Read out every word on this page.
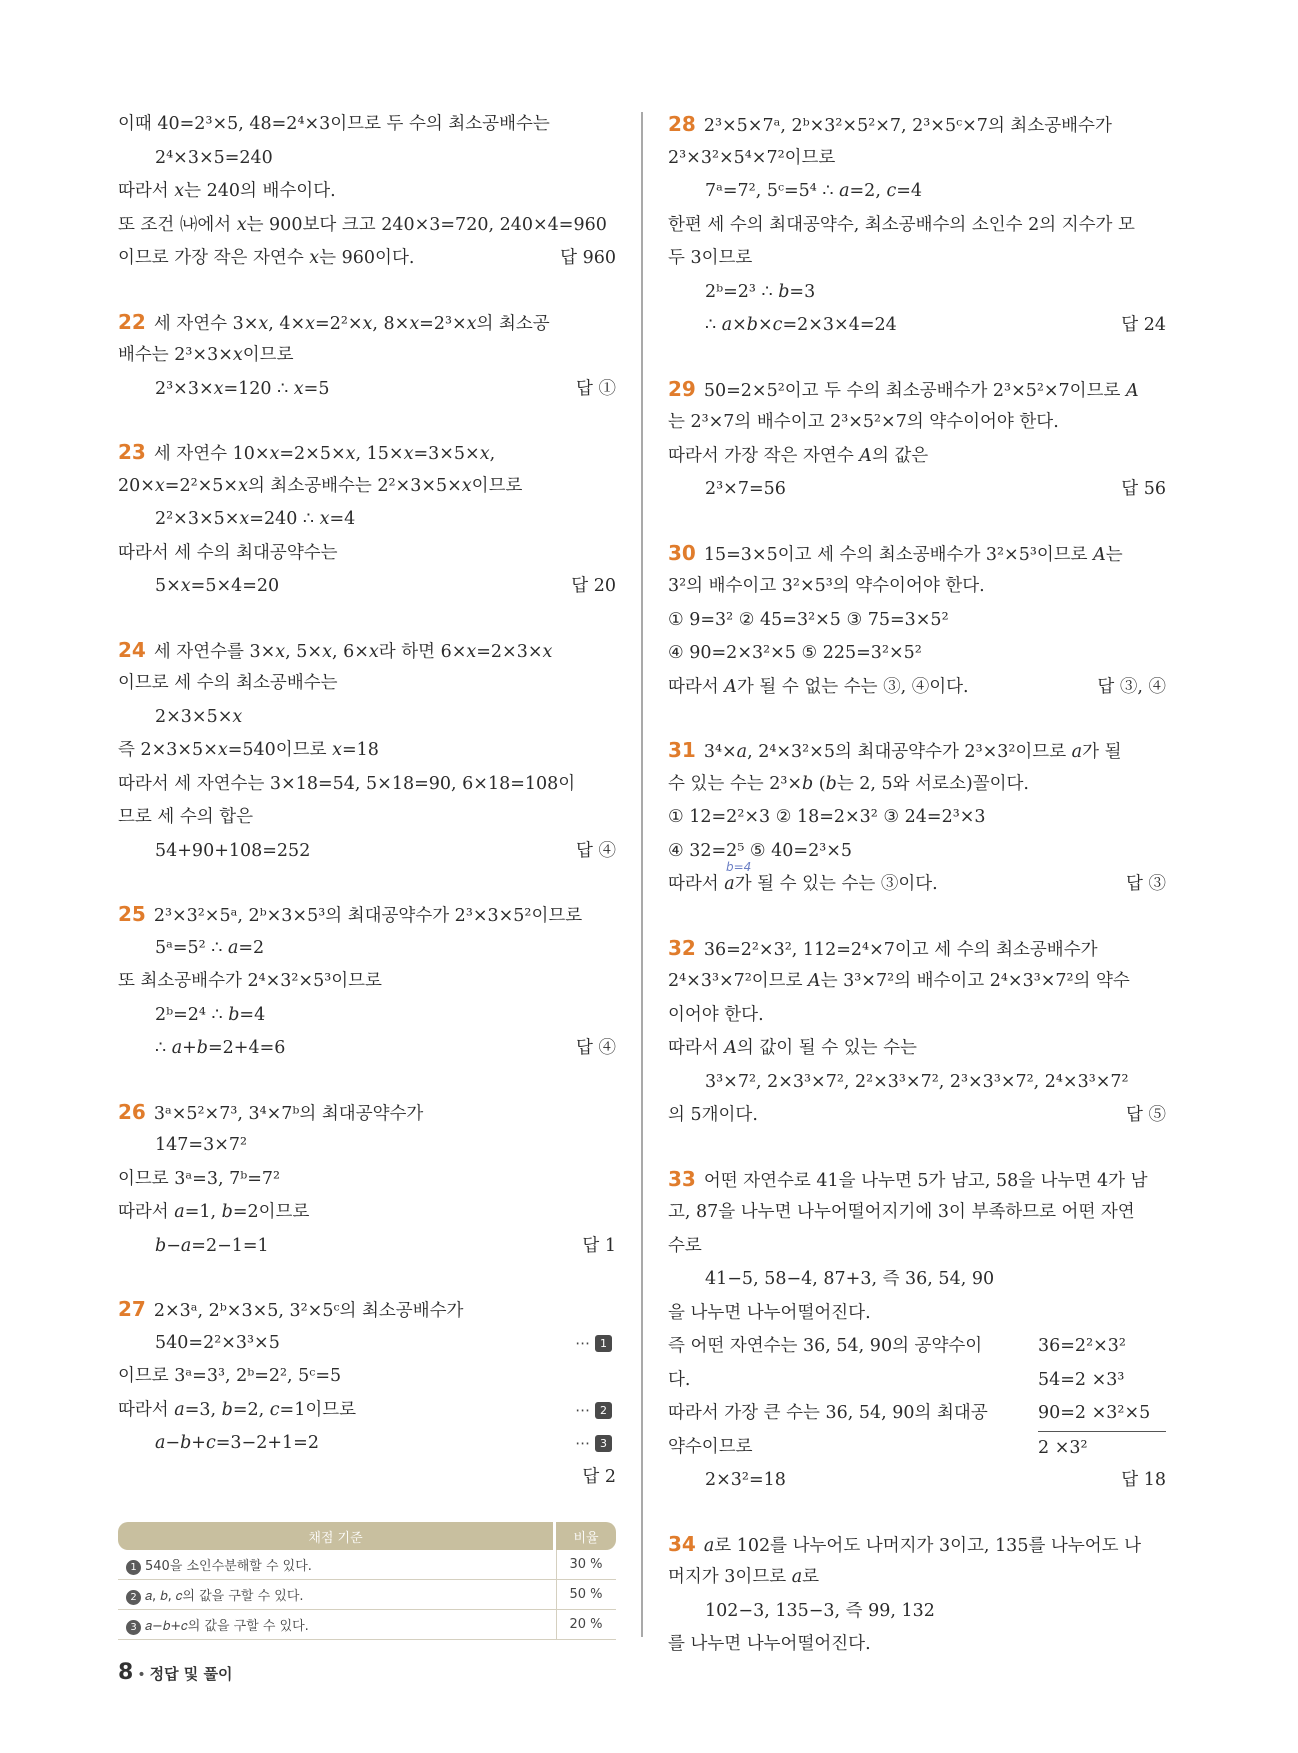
이때 40=2³×5, 48=2⁴×3이므로 두 수의 최소공배수는
2⁴×3×5=240
따라서 𝑥는 240의 배수이다.
또 조건 ㈏에서 𝑥는 900보다 크고 240×3=720, 240×4=960
이므로 가장 작은 자연수 𝑥는 960이다.	답 960
22 세 자연수 3×𝑥, 4×𝑥=2²×𝑥, 8×𝑥=2³×𝑥의 최소공
배수는 2³×3×𝑥이므로
2³×3×𝑥=120 ∴ 𝑥=5	답 ①
23 세 자연수 10×𝑥=2×5×𝑥, 15×𝑥=3×5×𝑥,
20×𝑥=2²×5×𝑥의 최소공배수는 2²×3×5×𝑥이므로
2²×3×5×𝑥=240 ∴ 𝑥=4
따라서 세 수의 최대공약수는
5×𝑥=5×4=20	답 20
24 세 자연수를 3×𝑥, 5×𝑥, 6×𝑥라 하면 6×𝑥=2×3×𝑥
이므로 세 수의 최소공배수는
2×3×5×𝑥
즉 2×3×5×𝑥=540이므로 𝑥=18
따라서 세 자연수는 3×18=54, 5×18=90, 6×18=108이
므로 세 수의 합은
54+90+108=252	답 ④
25 2³×3²×5ᵃ, 2ᵇ×3×5³의 최대공약수가 2³×3×5²이므로
5ᵃ=5² ∴ 𝑎=2
또 최소공배수가 2⁴×3²×5³이므로
2ᵇ=2⁴ ∴ 𝑏=4
∴ 𝑎+𝑏=2+4=6	답 ④
26 3ᵃ×5²×7³, 3⁴×7ᵇ의 최대공약수가
147=3×7²
이므로 3ᵃ=3, 7ᵇ=7²
따라서 𝑎=1, 𝑏=2이므로
𝑏−𝑎=2−1=1	답 1
27 2×3ᵃ, 2ᵇ×3×5, 3²×5ᶜ의 최소공배수가
540=2²×3³×5	⋯ 1
이므로 3ᵃ=3³, 2ᵇ=2², 5ᶜ=5
따라서 𝑎=3, 𝑏=2, 𝑐=1이므로	⋯ 2
𝑎−𝑏+𝑐=3−2+1=2	⋯ 3
답 2
28 2³×5×7ᵃ, 2ᵇ×3²×5²×7, 2³×5ᶜ×7의 최소공배수가
2³×3²×5⁴×7²이므로
7ᵃ=7², 5ᶜ=5⁴ ∴ 𝑎=2, 𝑐=4
한편 세 수의 최대공약수, 최소공배수의 소인수 2의 지수가 모
두 3이므로
2ᵇ=2³ ∴ 𝑏=3
∴ 𝑎×𝑏×𝑐=2×3×4=24	답 24
29 50=2×5²이고 두 수의 최소공배수가 2³×5²×7이므로 𝐴
는 2³×7의 배수이고 2³×5²×7의 약수이어야 한다.
따라서 가장 작은 자연수 𝐴의 값은
2³×7=56	답 56
30 15=3×5이고 세 수의 최소공배수가 3²×5³이므로 𝐴는
3²의 배수이고 3²×5³의 약수이어야 한다.
① 9=3² ② 45=3²×5 ③ 75=3×5²
④ 90=2×3²×5 ⑤ 225=3²×5²
따라서 𝐴가 될 수 없는 수는 ③, ④이다.	답 ③, ④
31 3⁴×𝑎, 2⁴×3²×5의 최대공약수가 2³×3²이므로 𝑎가 될
수 있는 수는 2³×𝑏 (𝑏는 2, 5와 서로소)꼴이다.
① 12=2²×3 ② 18=2×3² ③ 24=2³×3
④ 32=2⁵ ⑤ 40=2³×5
b=4
따라서 𝑎가 될 수 있는 수는 ③이다.	답 ③
32 36=2²×3², 112=2⁴×7이고 세 수의 최소공배수가
2⁴×3³×7²이므로 𝐴는 3³×7²의 배수이고 2⁴×3³×7²의 약수
이어야 한다.
따라서 𝐴의 값이 될 수 있는 수는
3³×7², 2×3³×7², 2²×3³×7², 2³×3³×7², 2⁴×3³×7²
의 5개이다.	답 ⑤
33 어떤 자연수로 41을 나누면 5가 남고, 58을 나누면 4가 남
고, 87을 나누면 나누어떨어지기에 3이 부족하므로 어떤 자연
수로
41−5, 58−4, 87+3, 즉 36, 54, 90
을 나누면 나누어떨어진다.
즉 어떤 자연수는 36, 54, 90의 공약수이	36=2²×3²
다.	54=2 ×3³
따라서 가장 큰 수는 36, 54, 90의 최대공	90=2 ×3²×5
약수이므로	2 ×3²
2×3²=18	답 18
34 𝑎로 102를 나누어도 나머지가 3이고, 135를 나누어도 나
머지가 3이므로 𝑎로
102−3, 135−3, 즉 99, 132
를 나누면 나누어떨어진다.
채점 기준	비율
1 540을 소인수분해할 수 있다.	30 %
2 𝑎, 𝑏, 𝑐의 값을 구할 수 있다.	50 %
3 𝑎−𝑏+𝑐의 값을 구할 수 있다.	20 %
8 • 정답 및 풀이
